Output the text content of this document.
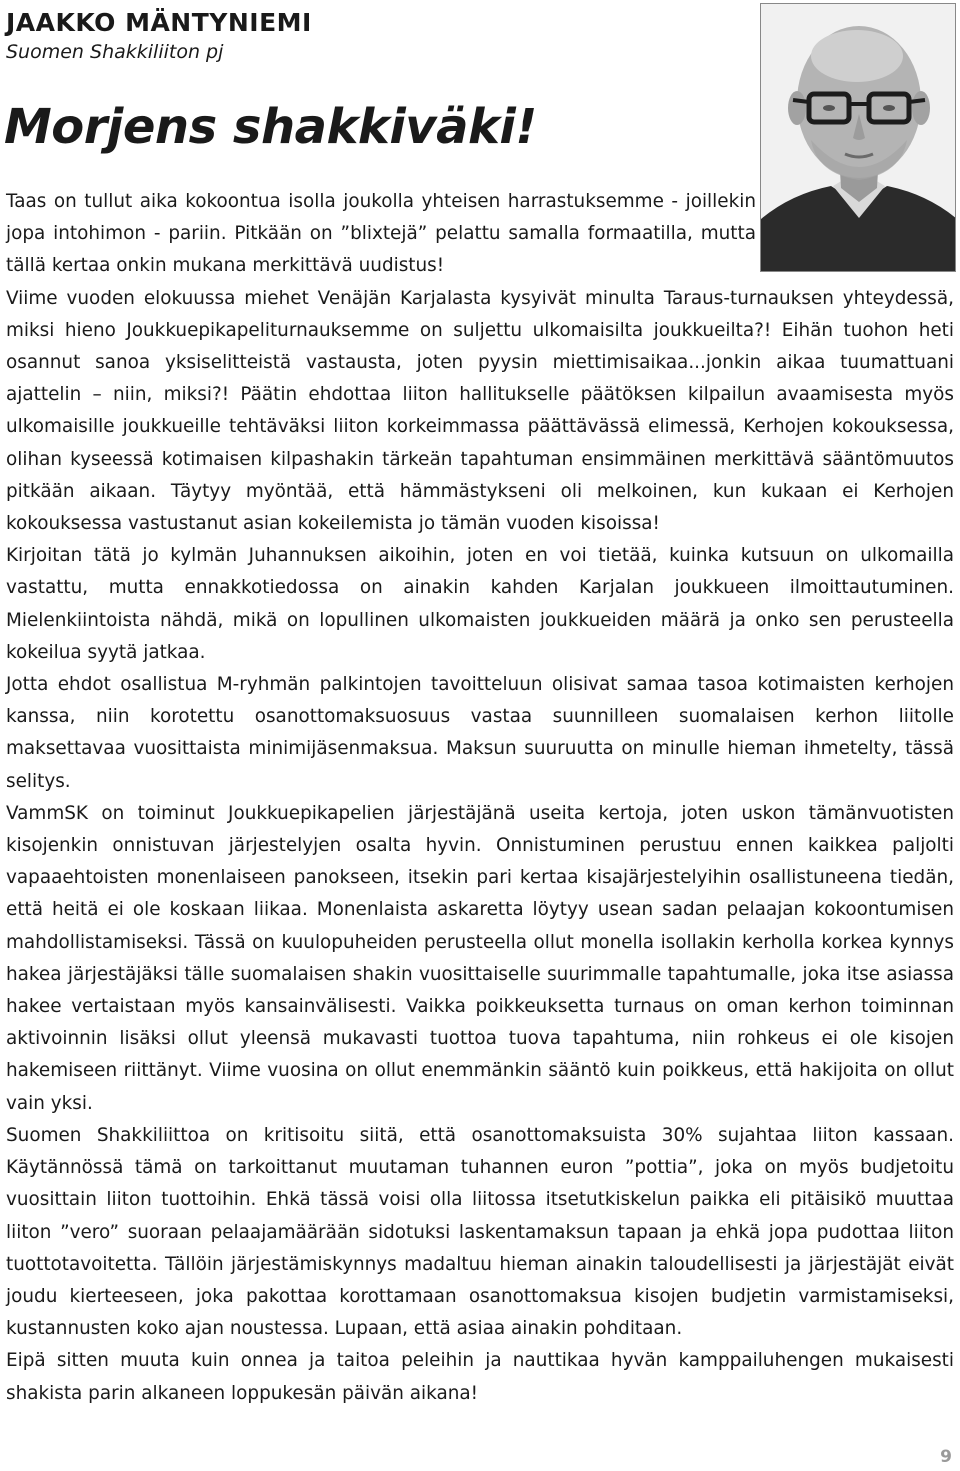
JAAKKO MÄNTYNIEMI

Suomen Shakkiliiton pj

Morjens shakkiväki!

Taas on tullut aika kokoontua isolla joukolla yhteisen harrastuksemme - joillekin jopa intohimon - pariin. Pitkään on ”blixtejä” pelattu samalla formaatilla, mutta tällä kertaa onkin mukana merkittävä uudistus!

Viime vuoden elokuussa miehet Venäjän Karjalasta kysyivät minulta Taraus-turnauksen yhteydessä, miksi hieno Joukkuepikapeliturnauksemme on suljettu ulkomaisilta joukkueilta?! Eihän tuohon heti osannut sanoa yksiselitteistä vastausta, joten pyysin miettimisaikaa...jonkin aikaa tuumattuani ajattelin – niin, miksi?! Päätin ehdottaa liiton hallitukselle päätöksen kilpailun avaamisesta myös ulkomaisille joukkueille tehtäväksi liiton korkeimmassa päättävässä elimessä, Kerhojen kokouksessa, olihan kyseessä kotimaisen kilpashakin tärkeän tapahtuman ensimmäinen merkittävä sääntömuutos pitkään aikaan. Täytyy myöntää, että hämmästykseni oli melkoinen, kun kukaan ei Kerhojen kokouksessa vastustanut asian kokeilemista jo tämän vuoden kisoissa!

Kirjoitan tätä jo kylmän Juhannuksen aikoihin, joten en voi tietää, kuinka kutsuun on ulkomailla vastattu, mutta ennakkotiedossa on ainakin kahden Karjalan joukkueen ilmoittautuminen. Mielenkiintoista nähdä, mikä on lopullinen ulkomaisten joukkueiden määrä ja onko sen perusteella kokeilua syytä jatkaa.

Jotta ehdot osallistua M-ryhmän palkintojen tavoitteluun olisivat samaa tasoa kotimaisten kerhojen kanssa, niin korotettu osanottomaksuosuus vastaa suunnilleen suomalaisen kerhon liitolle maksettavaa vuosittaista minimijäsenmaksua. Maksun suuruutta on minulle hieman ihmetelty, tässä selitys.

VammSK on toiminut Joukkuepikapelien järjestäjänä useita kertoja, joten uskon tämänvuotisten kisojenkin onnistuvan järjestelyjen osalta hyvin. Onnistuminen perustuu ennen kaikkea paljolti vapaaehtoisten monenlaiseen panokseen, itsekin pari kertaa kisajärjestelyihin osallistuneena tiedän, että heitä ei ole koskaan liikaa. Monenlaista askaretta löytyy usean sadan pelaajan kokoontumisen mahdollistamiseksi. Tässä on kuulopuheiden perusteella ollut monella isollakin kerholla korkea kynnys hakea järjestäjäksi tälle suomalaisen shakin vuosittaiselle suurimmalle tapahtumalle, joka itse asiassa hakee vertaistaan myös kansainvälisesti. Vaikka poikkeuksetta turnaus on oman kerhon toiminnan aktivoinnin lisäksi ollut yleensä mukavasti tuottoa tuova tapahtuma, niin rohkeus ei ole kisojen hakemiseen riittänyt. Viime vuosina on ollut enemmänkin sääntö kuin poikkeus, että hakijoita on ollut vain yksi.

Suomen Shakkiliittoa on kritisoitu siitä, että osanottomaksuista 30% sujahtaa liiton kassaan. Käytännössä tämä on tarkoittanut muutaman tuhannen euron ”pottia”, joka on myös budjetoitu vuosittain liiton tuottoihin. Ehkä tässä voisi olla liitossa itsetutkiskelun paikka eli pitäisikö muuttaa liiton ”vero” suoraan pelaajamäärään sidotuksi laskentamaksun tapaan ja ehkä jopa pudottaa liiton tuottotavoitetta. Tällöin järjestämiskynnys madaltuu hieman ainakin taloudellisesti ja järjestäjät eivät joudu kierteeseen, joka pakottaa korottamaan osanottomaksua kisojen budjetin varmistamiseksi, kustannusten koko ajan noustessa. Lupaan, että asiaa ainakin pohditaan.

Eipä sitten muuta kuin onnea ja taitoa peleihin ja nauttikaa hyvän kamppailuhengen mukaisesti shakista parin alkaneen loppukesän päivän aikana!

9
